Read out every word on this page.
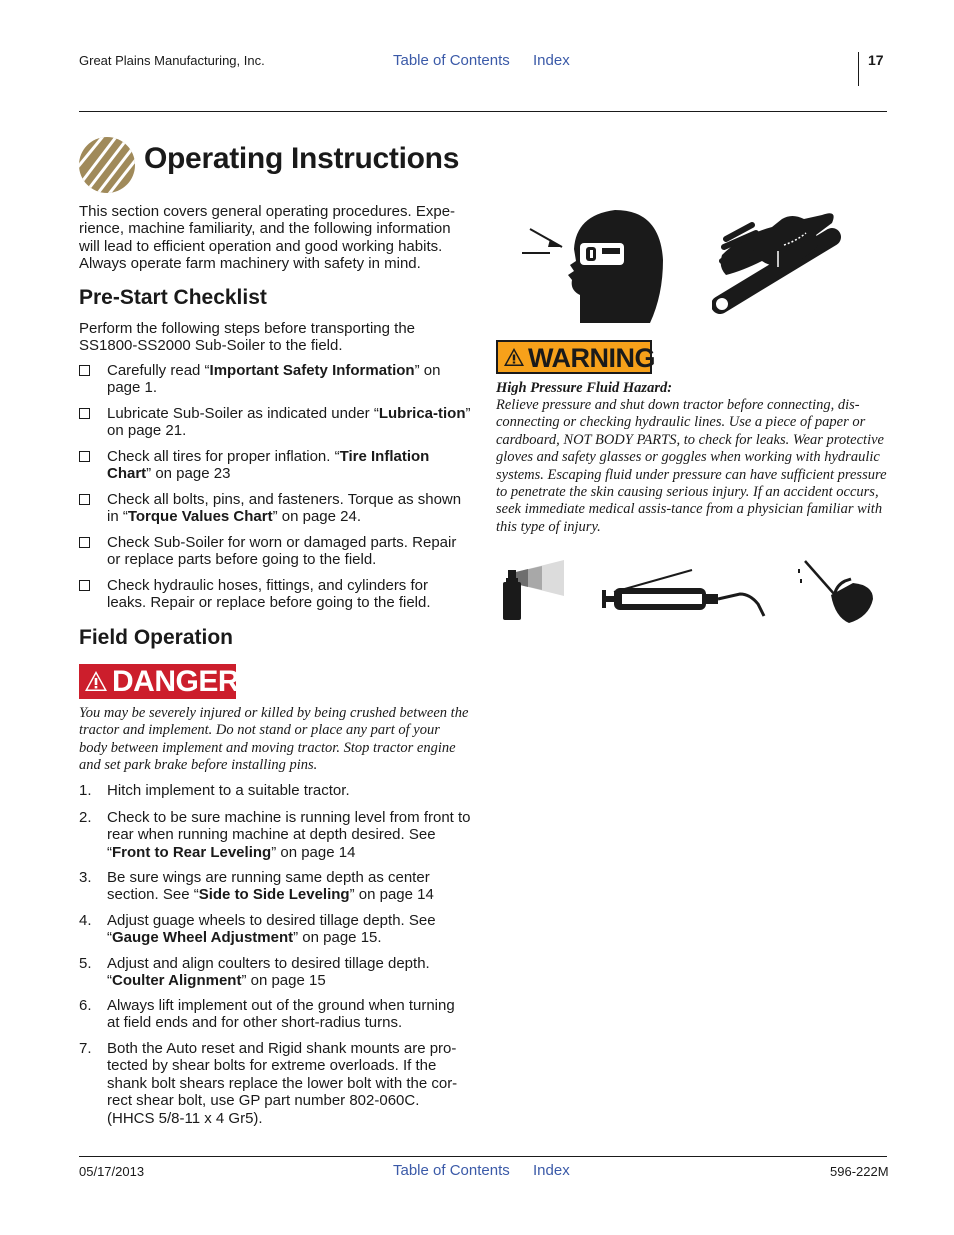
Great Plains Manufacturing, Inc.	Table of Contents Index	17
Operating Instructions
This section covers general operating procedures. Expe-rience, machine familiarity, and the following information will lead to efficient operation and good working habits. Always operate farm machinery with safety in mind.
Pre-Start Checklist
Perform the following steps before transporting the SS1800-SS2000 Sub-Soiler to the field.
Carefully read “Important Safety Information” on page 1.
Lubricate Sub-Soiler as indicated under “Lubrica-tion” on page 21.
Check all tires for proper inflation. “Tire Inflation Chart” on page 23
Check all bolts, pins, and fasteners. Torque as shown in “Torque Values Chart” on page 24.
Check Sub-Soiler for worn or damaged parts. Repair or replace parts before going to the field.
Check hydraulic hoses, fittings, and cylinders for leaks. Repair or replace before going to the field.
Field Operation
DANGER
You may be severely injured or killed by being crushed between the tractor and implement. Do not stand or place any part of your body between implement and moving tractor. Stop tractor engine and set park brake before installing pins.
1. Hitch implement to a suitable tractor.
2. Check to be sure machine is running level from front to rear when running machine at depth desired. See “Front to Rear Leveling” on page 14
3. Be sure wings are running same depth as center section. See “Side to Side Leveling” on page 14
4. Adjust guage wheels to desired tillage depth. See “Gauge Wheel Adjustment” on page 15.
5. Adjust and align coulters to desired tillage depth. “Coulter Alignment” on page 15
6. Always lift implement out of the ground when turning at field ends and for other short-radius turns.
7. Both the Auto reset and Rigid shank mounts are pro-tected by shear bolts for extreme overloads. If the shank bolt shears replace the lower bolt with the cor-rect shear bolt, use GP part number 802-060C. (HHCS 5/8-11 x 4 Gr5).
WARNING
High Pressure Fluid Hazard:
Relieve pressure and shut down tractor before connecting, dis-connecting or checking hydraulic lines. Use a piece of paper or cardboard, NOT BODY PARTS, to check for leaks. Wear protective gloves and safety glasses or goggles when working with hydraulic systems. Escaping fluid under pressure can have sufficient pressure to penetrate the skin causing serious injury. If an accident occurs, seek immediate medical assis-tance from a physician familiar with this type of injury.
05/17/2013	Table of Contents Index	596-222M
